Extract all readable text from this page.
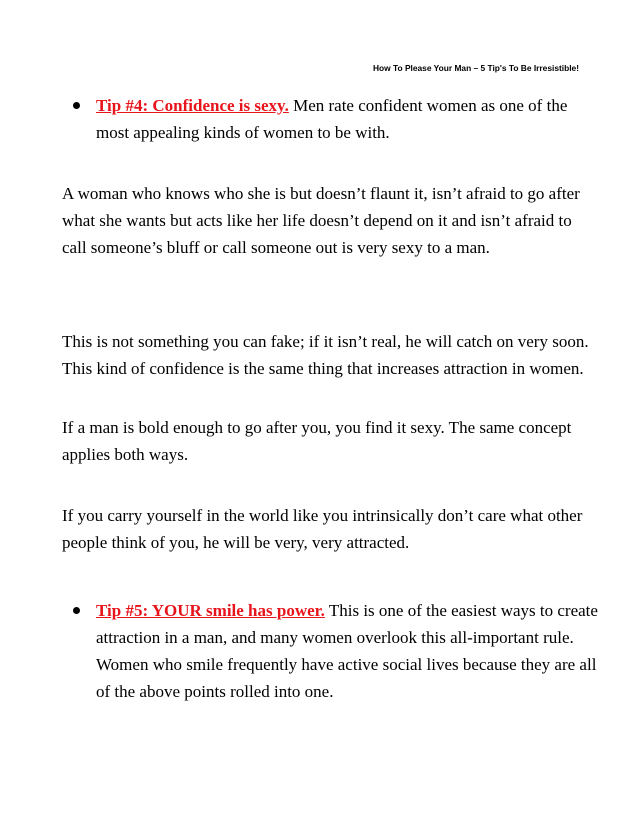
How To Please Your Man – 5 Tip's To Be Irresistible!
Tip #4: Confidence is sexy. Men rate confident women as one of the most appealing kinds of women to be with.

A woman who knows who she is but doesn’t flaunt it, isn’t afraid to go after what she wants but acts like her life doesn’t depend on it and isn’t afraid to call someone’s bluff or call someone out is very sexy to a man.

This is not something you can fake; if it isn’t real, he will catch on very soon. This kind of confidence is the same thing that increases attraction in women.

If a man is bold enough to go after you, you find it sexy. The same concept applies both ways.

If you carry yourself in the world like you intrinsically don’t care what other people think of you, he will be very, very attracted.

Tip #5: YOUR smile has power. This is one of the easiest ways to create attraction in a man, and many women overlook this all-important rule. Women who smile frequently have active social lives because they are all of the above points rolled into one.
